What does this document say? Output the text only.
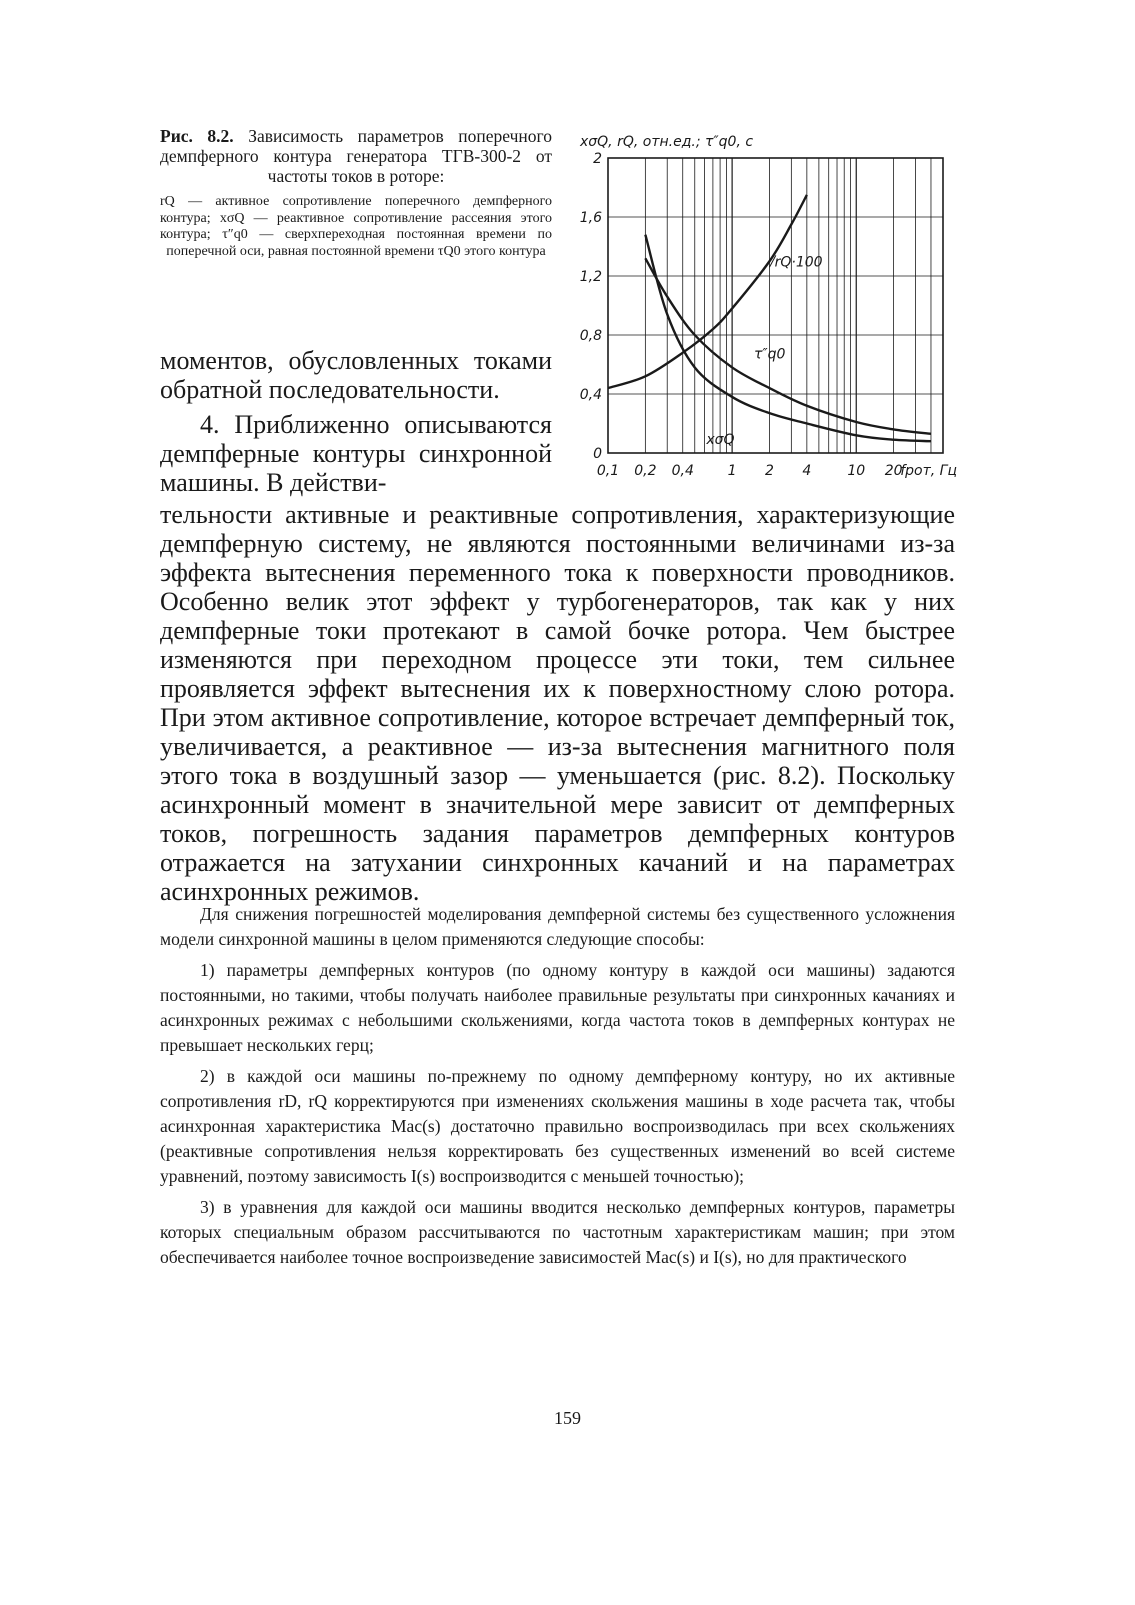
Рис. 8.2. Зависимость параметров поперечного демпферного контура генератора ТГВ-300-2 от частоты токов в роторе:

rQ — активное сопротивление поперечного демпферного контура; xσQ — реактивное сопротивление рассеяния этого контура; τ″q0 — сверхпереходная постоянная времени по поперечной оси, равная постоянной времени τQ0 этого контура

моментов, обусловленных токами обратной последовательности.

4. Приближенно описываются демпферные контуры синхронной машины. В действи-

0
0,4
0,8
1,2
1,6
2
0,1 0,2 0,4 1 2 4	10 20
xσQ, rQ, отн.ед.; τ″q0, с
fрот, Гц
rQ·100
τ″q0
xσQ

тельности активные и реактивные сопротивления, характеризующие демпферную систему, не являются постоянными величинами из-за эффекта вытеснения переменного тока к поверхности проводников. Особенно велик этот эффект у турбогенераторов, так как у них демпферные токи протекают в самой бочке ротора. Чем быстрее изменяются при переходном процессе эти токи, тем сильнее проявляется эффект вытеснения их к поверхностному слою ротора. При этом активное сопротивление, которое встречает демпферный ток, увеличивается, а реактивное — из-за вытеснения магнитного поля этого тока в воздушный зазор — уменьшается (рис. 8.2). Поскольку асинхронный момент в значительной мере зависит от демпферных токов, погрешность задания параметров демпферных контуров отражается на затухании синхронных качаний и на параметрах асинхронных режимов.

Для снижения погрешностей моделирования демпферной системы без существенного усложнения модели синхронной машины в целом применяются следующие способы:

1) параметры демпферных контуров (по одному контуру в каждой оси машины) задаются постоянными, но такими, чтобы получать наиболее правильные результаты при синхронных качаниях и асинхронных режимах с небольшими скольжениями, когда частота токов в демпферных контурах не превышает нескольких герц;

2) в каждой оси машины по-прежнему по одному демпферному контуру, но их активные сопротивления rD, rQ корректируются при изменениях скольжения машины в ходе расчета так, чтобы асинхронная характеристика Mас(s) достаточно правильно воспроизводилась при всех скольжениях (реактивные сопротивления нельзя корректировать без существенных изменений во всей системе уравнений, поэтому зависимость I(s) воспроизводится с меньшей точностью);

3) в уравнения для каждой оси машины вводится несколько демпферных контуров, параметры которых специальным образом рассчитываются по частотным характеристикам машин; при этом обеспечивается наиболее точное воспроизведение зависимостей Mас(s) и I(s), но для практического

159
